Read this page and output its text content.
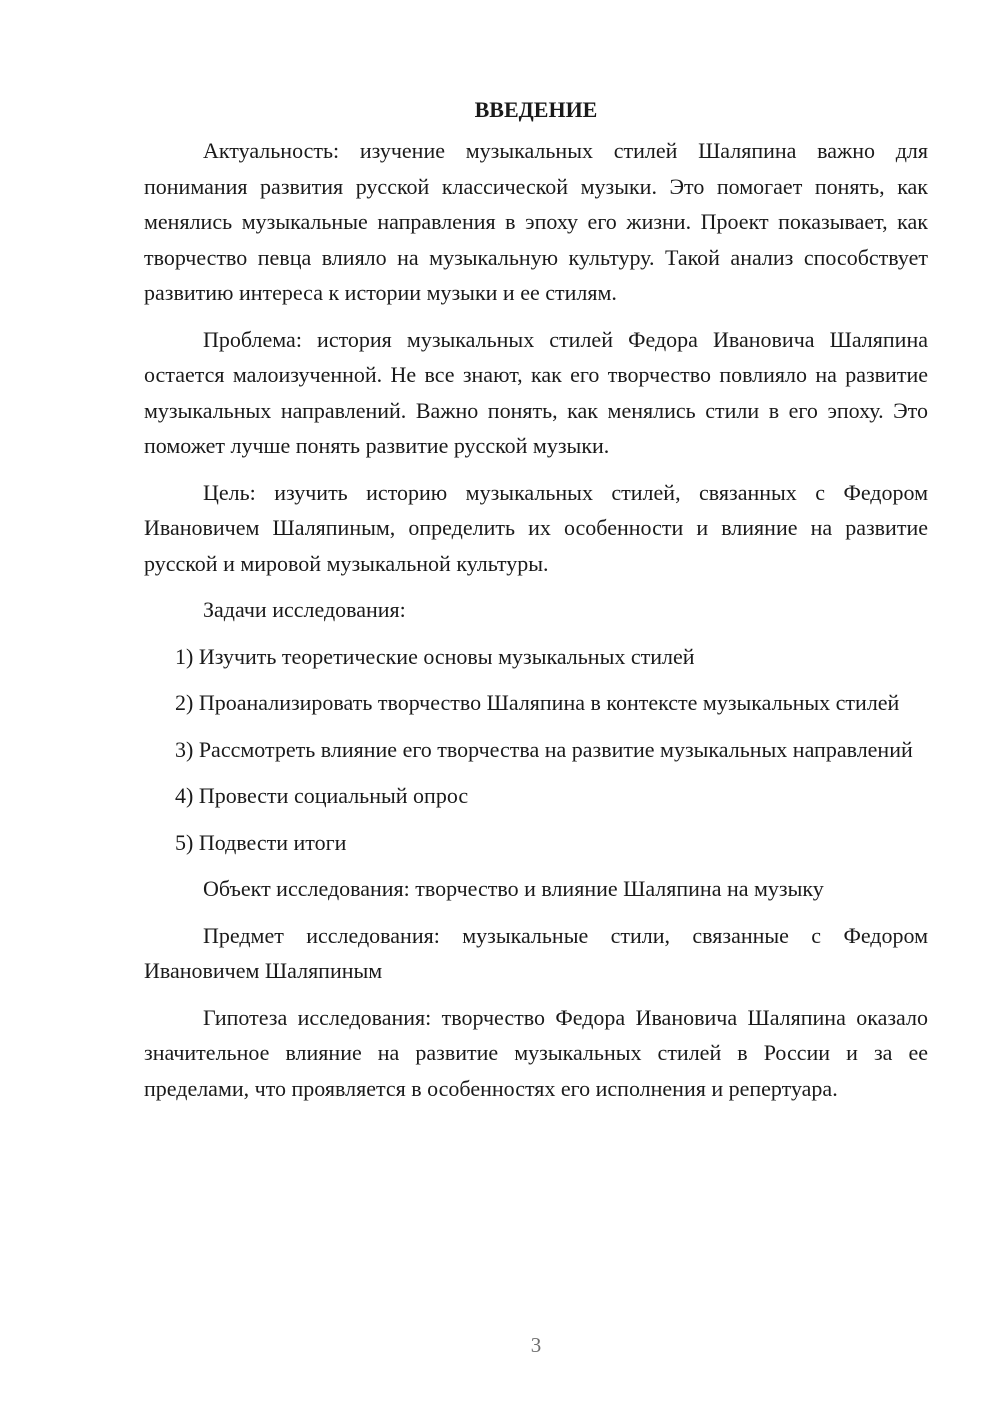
ВВЕДЕНИЕ

Актуальность: изучение музыкальных стилей Шаляпина важно для понимания развития русской классической музыки. Это помогает понять, как менялись музыкальные направления в эпоху его жизни. Проект показывает, как творчество певца влияло на музыкальную культуру. Такой анализ способствует развитию интереса к истории музыки и ее стилям.

Проблема: история музыкальных стилей Федора Ивановича Шаляпина остается малоизученной. Не все знают, как его творчество повлияло на развитие музыкальных направлений. Важно понять, как менялись стили в его эпоху. Это поможет лучше понять развитие русской музыки.

Цель: изучить историю музыкальных стилей, связанных с Федором Ивановичем Шаляпиным, определить их особенности и влияние на развитие русской и мировой музыкальной культуры.

Задачи исследования:

1) Изучить теоретические основы музыкальных стилей

2) Проанализировать творчество Шаляпина в контексте музыкальных стилей

3) Рассмотреть влияние его творчества на развитие музыкальных направлений

4) Провести социальный опрос

5) Подвести итоги

Объект исследования: творчество и влияние Шаляпина на музыку

Предмет исследования: музыкальные стили, связанные с Федором Ивановичем Шаляпиным

Гипотеза исследования: творчество Федора Ивановича Шаляпина оказало значительное влияние на развитие музыкальных стилей в России и за ее пределами, что проявляется в особенностях его исполнения и репертуара.

3
